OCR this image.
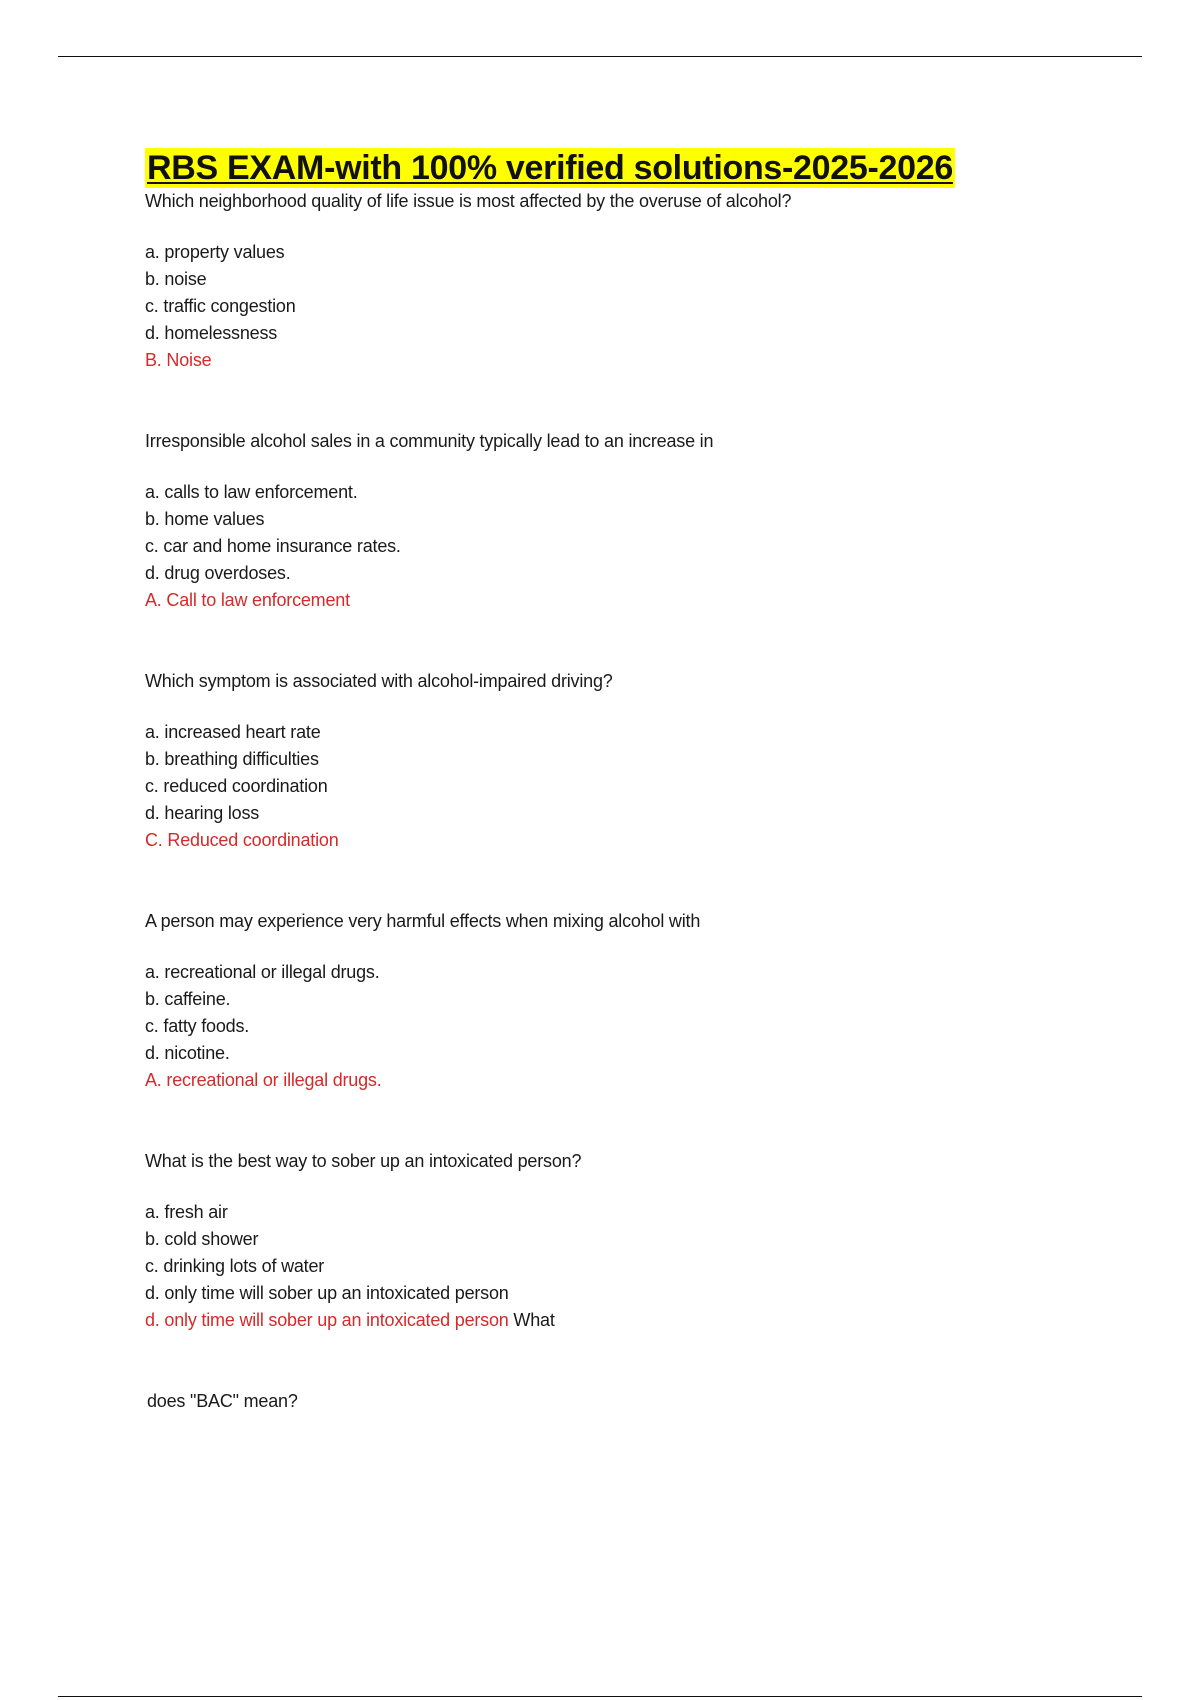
RBS EXAM-with 100% verified solutions-2025-2026

Which neighborhood quality of life issue is most affected by the overuse of alcohol?

a. property values
b. noise
c. traffic congestion
d. homelessness
B. Noise

Irresponsible alcohol sales in a community typically lead to an increase in

a. calls to law enforcement.
b. home values
c. car and home insurance rates.
d. drug overdoses.
A. Call to law enforcement

Which symptom is associated with alcohol-impaired driving?

a. increased heart rate
b. breathing difficulties
c. reduced coordination
d. hearing loss
C. Reduced coordination

A person may experience very harmful effects when mixing alcohol with

a. recreational or illegal drugs.
b. caffeine.
c. fatty foods.
d. nicotine.
A. recreational or illegal drugs.

What is the best way to sober up an intoxicated person?

a. fresh air
b. cold shower
c. drinking lots of water
d. only time will sober up an intoxicated person
d. only time will sober up an intoxicated person What

does "BAC" mean?
